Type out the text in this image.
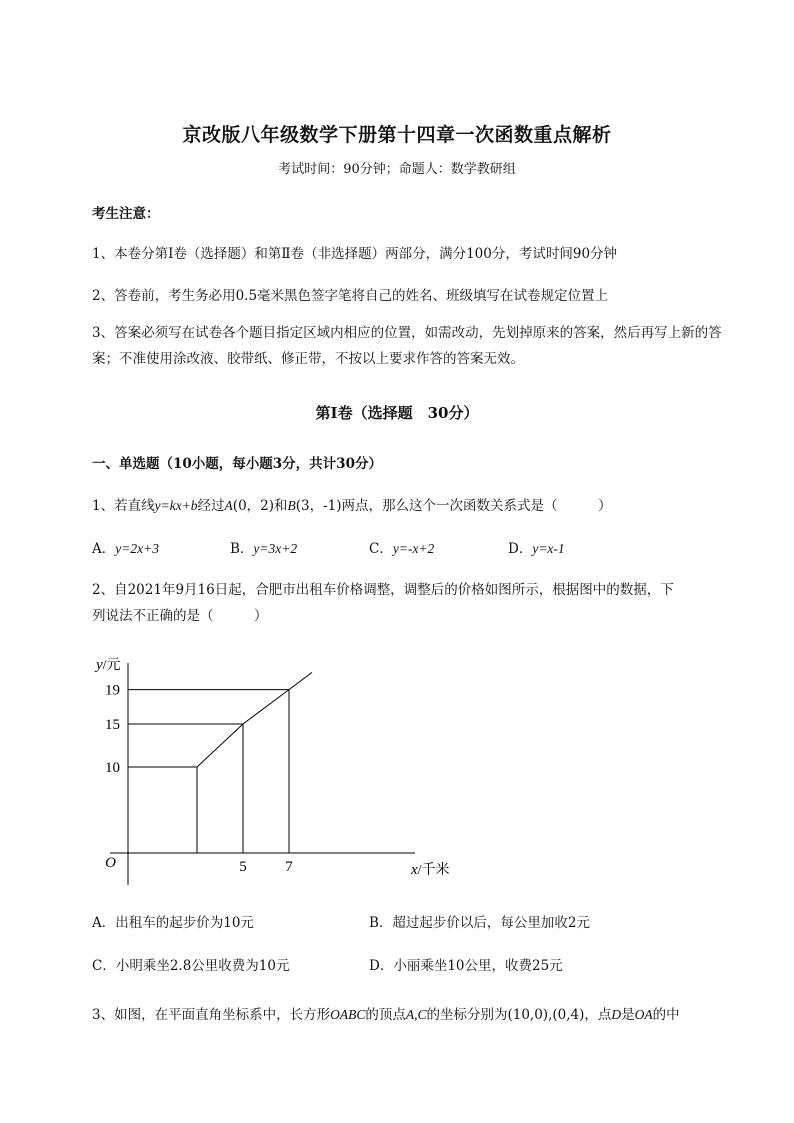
京改版八年级数学下册第十四章一次函数重点解析
考试时间：90分钟；命题人：数学教研组
考生注意：
1、本卷分第I卷（选择题）和第Ⅱ卷（非选择题）两部分，满分100分，考试时间90分钟
2、答卷前，考生务必用0.5毫米黑色签字笔将自己的姓名、班级填写在试卷规定位置上
3、答案必须写在试卷各个题目指定区域内相应的位置，如需改动，先划掉原来的答案，然后再写上新的答案；不准使用涂改液、胶带纸、修正带，不按以上要求作答的答案无效。
第I卷（选择题　30分）
一、单选题（10小题，每小题3分，共计30分）
1、若直线y=kx+b经过A(0，2)和B(3，-1)两点，那么这个一次函数关系式是（　　　）
A．y=2x+3	B．y=3x+2	C．y=-x+2	D．y=x-1
2、自2021年9月16日起，合肥市出租车价格调整，调整后的价格如图所示，根据图中的数据，下
列说法不正确的是（　　　）
10
15
19
5	7
y/元
x/千米
O
A．出租车的起步价为10元	B．超过起步价以后，每公里加收2元
C．小明乘坐2.8公里收费为10元	D．小丽乘坐10公里，收费25元
3、如图，在平面直角坐标系中，长方形OABC的顶点A,C的坐标分别为(10,0),(0,4)，点D是OA的中
